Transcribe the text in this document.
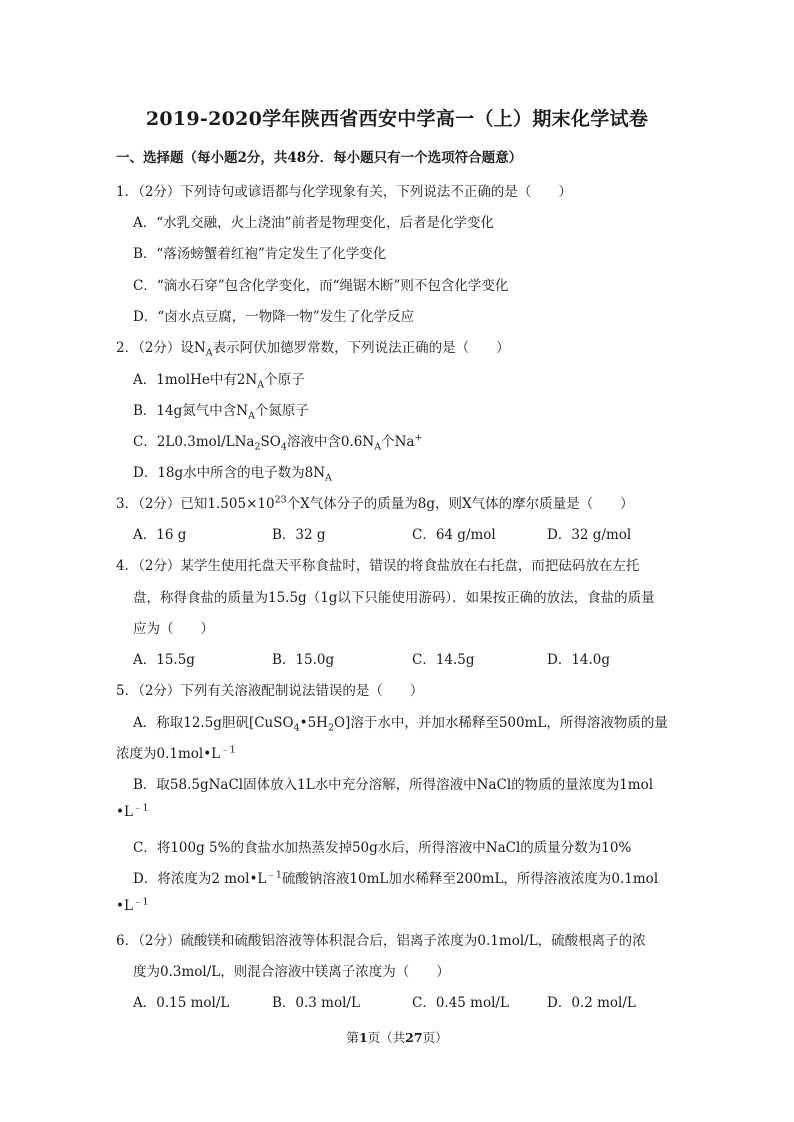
2019-2020学年陕西省西安中学高一（上）期末化学试卷
一、选择题（每小题2分，共48分．每小题只有一个选项符合题意）
1．（2分）下列诗句或谚语都与化学现象有关，下列说法不正确的是（　　）
A．“水乳交融，火上浇油”前者是物理变化，后者是化学变化
B．“落汤螃蟹着红袍”肯定发生了化学变化
C．“滴水石穿”包含化学变化，而“绳锯木断”则不包含化学变化
D．“卤水点豆腐，一物降一物”发生了化学反应
2．（2分）设$N_A$表示阿伏加德罗常数，下列说法正确的是（　　）
A．1molHe中有$2N_A$个原子
B．14g氮气中含$N_A$个氮原子
C．$2L0.3mol/LNa_2SO_4$溶液中含$0.6N_A$个Na+
D．18g水中所含的电子数为$8N_A$
3．（2分）已知$1.505\times 10^{23}$个X气体分子的质量为8g，则X气体的摩尔质量是（　　）
A．16 g	B．32 g	C．64 g/mol	D．32 g/mol
4．（2分）某学生使用托盘天平称食盐时，错误的将食盐放在右托盘，而把砝码放在左托
盘，称得食盐的质量为15.5g（1g以下只能使用游码）．如果按正确的放法，食盐的质量
应为（　　）
A．15.5g	B．15.0g	C．14.5g	D．14.0g
5．（2分）下列有关溶液配制说法错误的是（　　）
A．称取12.5g胆矾$[CuSO_4•5H_2O]$溶于水中，并加水稀释至500mL，所得溶液物质的量
浓度为$0.1mol•L^{﹣1}$
B．取58.5gNaCl固体放入1L水中充分溶解，所得溶液中NaCl的物质的量浓度为1mol
$•L^{﹣1}$
C．将100g 5%的食盐水加热蒸发掉50g水后，所得溶液中NaCl的质量分数为10%
D．将浓度为2 $mol•L^{﹣1}$硫酸钠溶液10mL加水稀释至200mL，所得溶液浓度为0.1mol
$•L^{﹣1}$
6．（2分）硫酸镁和硫酸铝溶液等体积混合后，铝离子浓度为0.1mol/L，硫酸根离子的浓
度为0.3mol/L，则混合溶液中镁离子浓度为（　　）
A．0.15 mol/L	B．0.3 mol/L	C．0.45 mol/L	D．0.2 mol/L
第1页（共27页）
